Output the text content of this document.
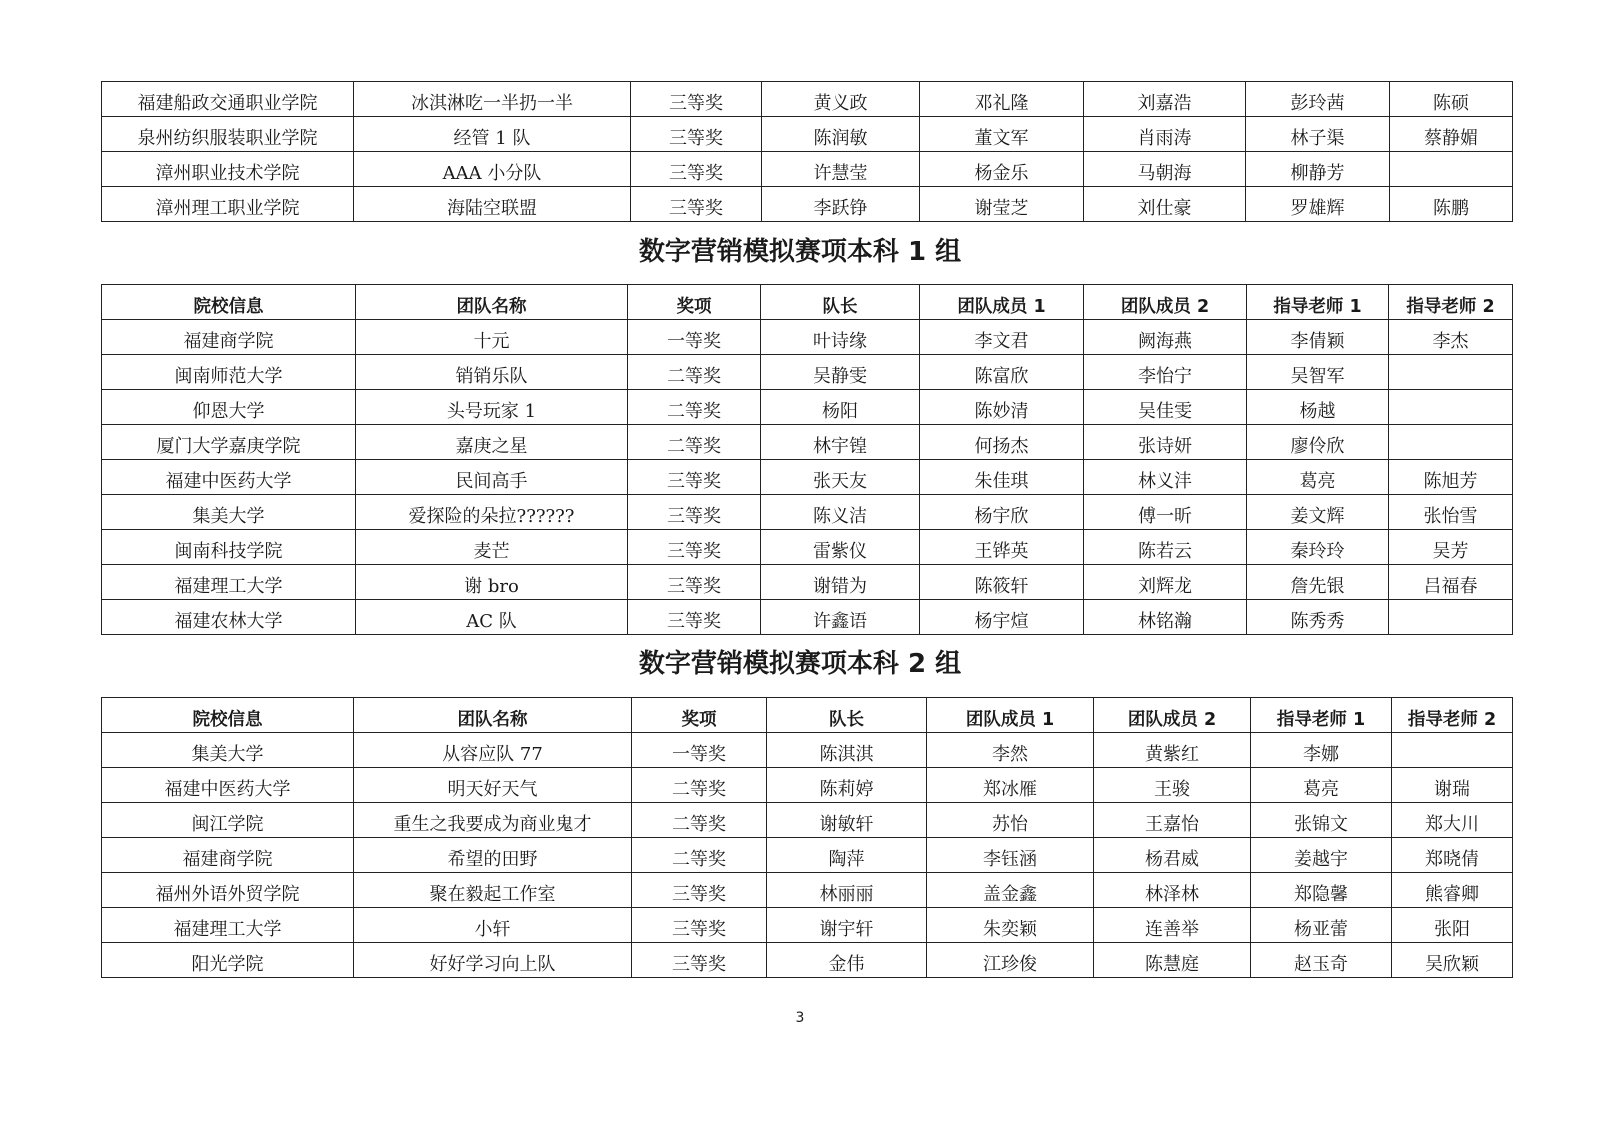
福建船政交通职业学院	冰淇淋吃一半扔一半	三等奖	黄义政	邓礼隆	刘嘉浩	彭玲茜	陈硕
泉州纺织服装职业学院	经管 1 队	三等奖	陈润敏	董文军	肖雨涛	林子渠	蔡静媚
漳州职业技术学院	AAA 小分队	三等奖	许慧莹	杨金乐	马朝海	柳静芳	
漳州理工职业学院	海陆空联盟	三等奖	李跃铮	谢莹芝	刘仕豪	罗雄辉	陈鹏
数字营销模拟赛项本科 1 组
院校信息	团队名称	奖项	队长	团队成员 1	团队成员 2	指导老师 1	指导老师 2
福建商学院	十元	一等奖	叶诗缘	李文君	阙海燕	李倩颖	李杰
闽南师范大学	销销乐队	二等奖	吴静雯	陈富欣	李怡宁	吴智军	
仰恩大学	头号玩家 1	二等奖	杨阳	陈妙清	吴佳雯	杨越	
厦门大学嘉庚学院	嘉庚之星	二等奖	林宇锽	何扬杰	张诗妍	廖伶欣	
福建中医药大学	民间高手	三等奖	张天友	朱佳琪	林义沣	葛亮	陈旭芳
集美大学	爱探险的朵拉??????	三等奖	陈义洁	杨宇欣	傅一昕	姜文辉	张怡雪
闽南科技学院	麦芒	三等奖	雷紫仪	王铧英	陈若云	秦玲玲	吴芳
福建理工大学	谢 bro	三等奖	谢错为	陈筱轩	刘辉龙	詹先银	吕福春
福建农林大学	AC 队	三等奖	许鑫语	杨宇煊	林铭瀚	陈秀秀	
数字营销模拟赛项本科 2 组
院校信息	团队名称	奖项	队长	团队成员 1	团队成员 2	指导老师 1	指导老师 2
集美大学	从容应队 77	一等奖	陈淇淇	李然	黄紫红	李娜	
福建中医药大学	明天好天气	二等奖	陈莉婷	郑冰雁	王骏	葛亮	谢瑞
闽江学院	重生之我要成为商业鬼才	二等奖	谢敏轩	苏怡	王嘉怡	张锦文	郑大川
福建商学院	希望的田野	二等奖	陶萍	李钰涵	杨君威	姜越宇	郑晓倩
福州外语外贸学院	聚在毅起工作室	三等奖	林丽丽	盖金鑫	林泽林	郑隐馨	熊睿卿
福建理工大学	小轩	三等奖	谢宇轩	朱奕颖	连善举	杨亚蕾	张阳
阳光学院	好好学习向上队	三等奖	金伟	江珍俊	陈慧庭	赵玉奇	吴欣颖
3
